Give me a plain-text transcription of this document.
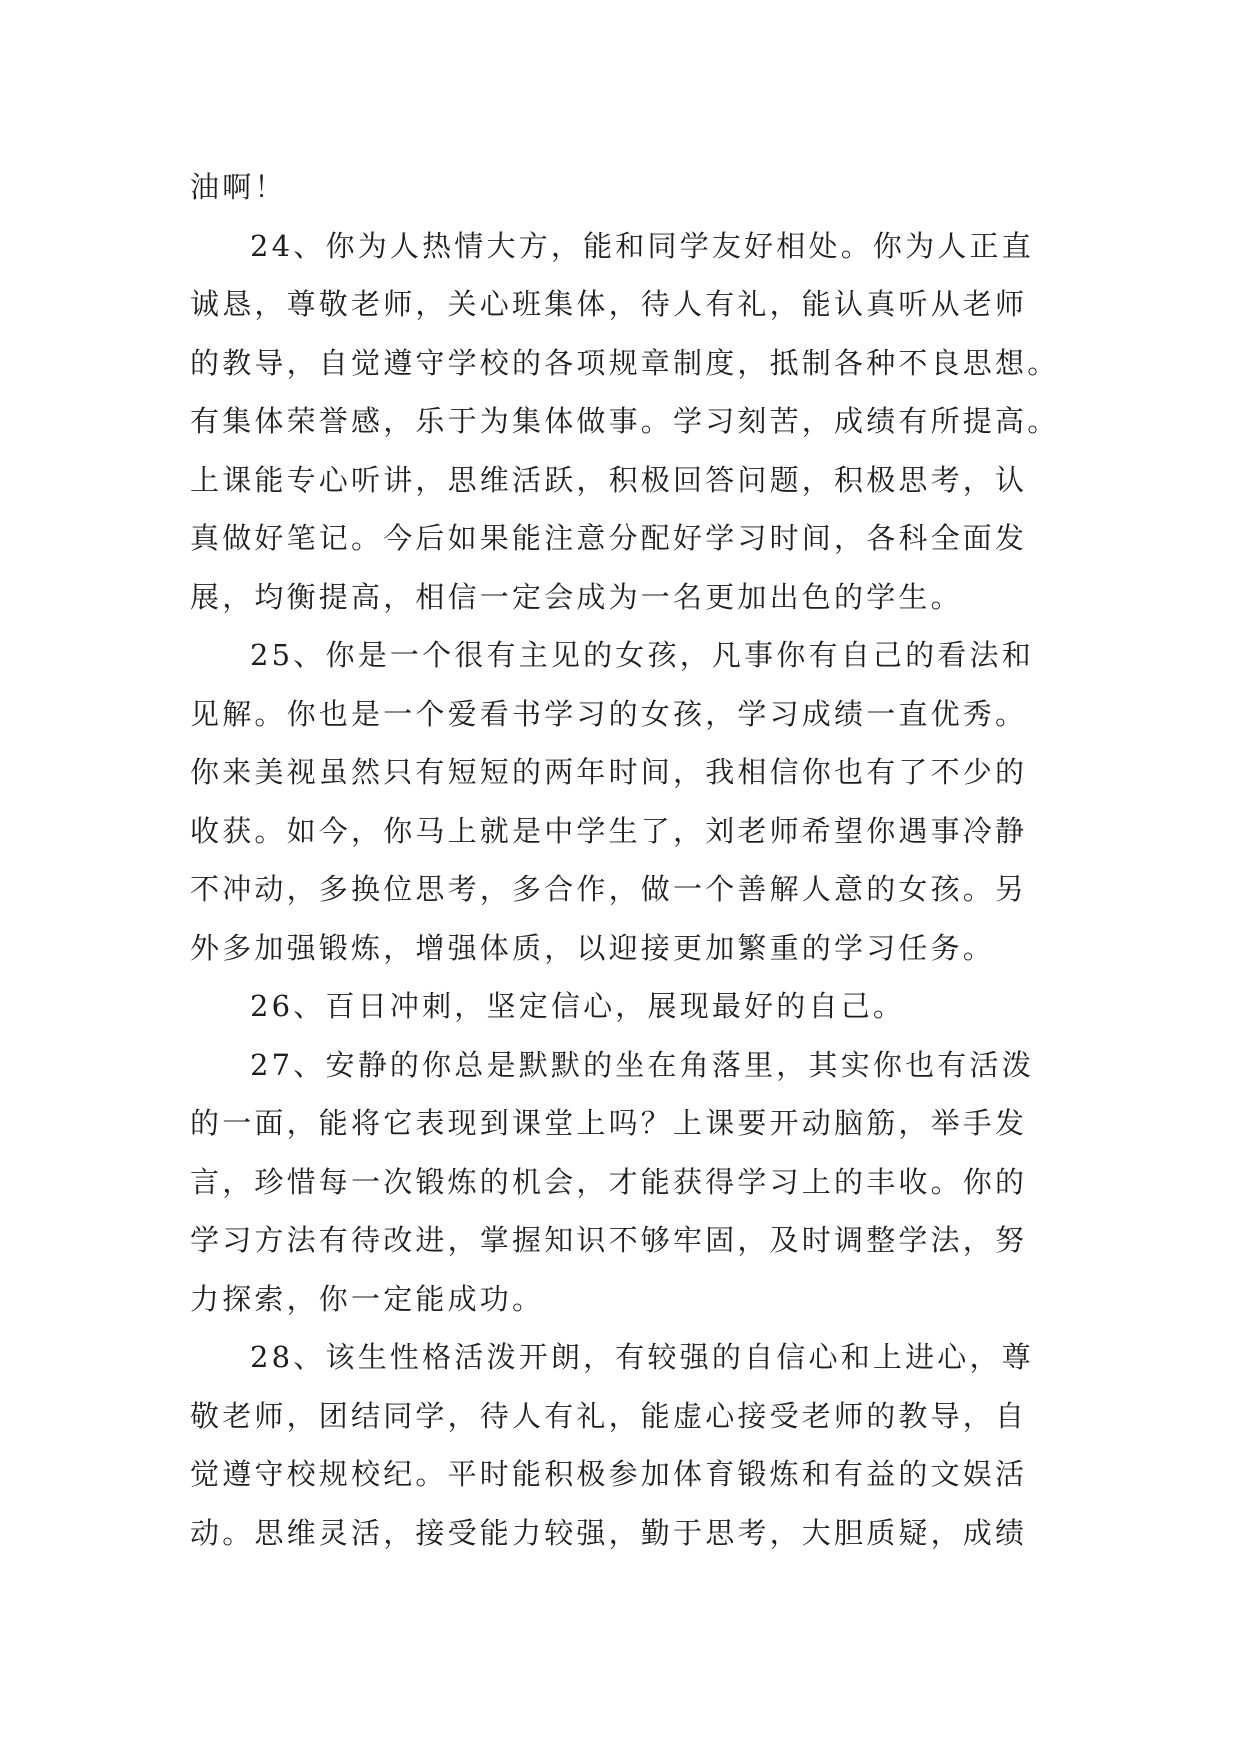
油啊！
24、你为人热情大方，能和同学友好相处。你为人正直
诚恳，尊敬老师，关心班集体，待人有礼，能认真听从老师
的教导，自觉遵守学校的各项规章制度，抵制各种不良思想。
有集体荣誉感，乐于为集体做事。学习刻苦，成绩有所提高。
上课能专心听讲，思维活跃，积极回答问题，积极思考，认
真做好笔记。今后如果能注意分配好学习时间，各科全面发
展，均衡提高，相信一定会成为一名更加出色的学生。
25、你是一个很有主见的女孩，凡事你有自己的看法和
见解。你也是一个爱看书学习的女孩，学习成绩一直优秀。
你来美视虽然只有短短的两年时间，我相信你也有了不少的
收获。如今，你马上就是中学生了，刘老师希望你遇事冷静
不冲动，多换位思考，多合作，做一个善解人意的女孩。另
外多加强锻炼，增强体质，以迎接更加繁重的学习任务。
26、百日冲刺，坚定信心，展现最好的自己。
27、安静的你总是默默的坐在角落里，其实你也有活泼
的一面，能将它表现到课堂上吗？上课要开动脑筋，举手发
言，珍惜每一次锻炼的机会，才能获得学习上的丰收。你的
学习方法有待改进，掌握知识不够牢固，及时调整学法，努
力探索，你一定能成功。
28、该生性格活泼开朗，有较强的自信心和上进心，尊
敬老师，团结同学，待人有礼，能虚心接受老师的教导，自
觉遵守校规校纪。平时能积极参加体育锻炼和有益的文娱活
动。思维灵活，接受能力较强，勤于思考，大胆质疑，成绩
